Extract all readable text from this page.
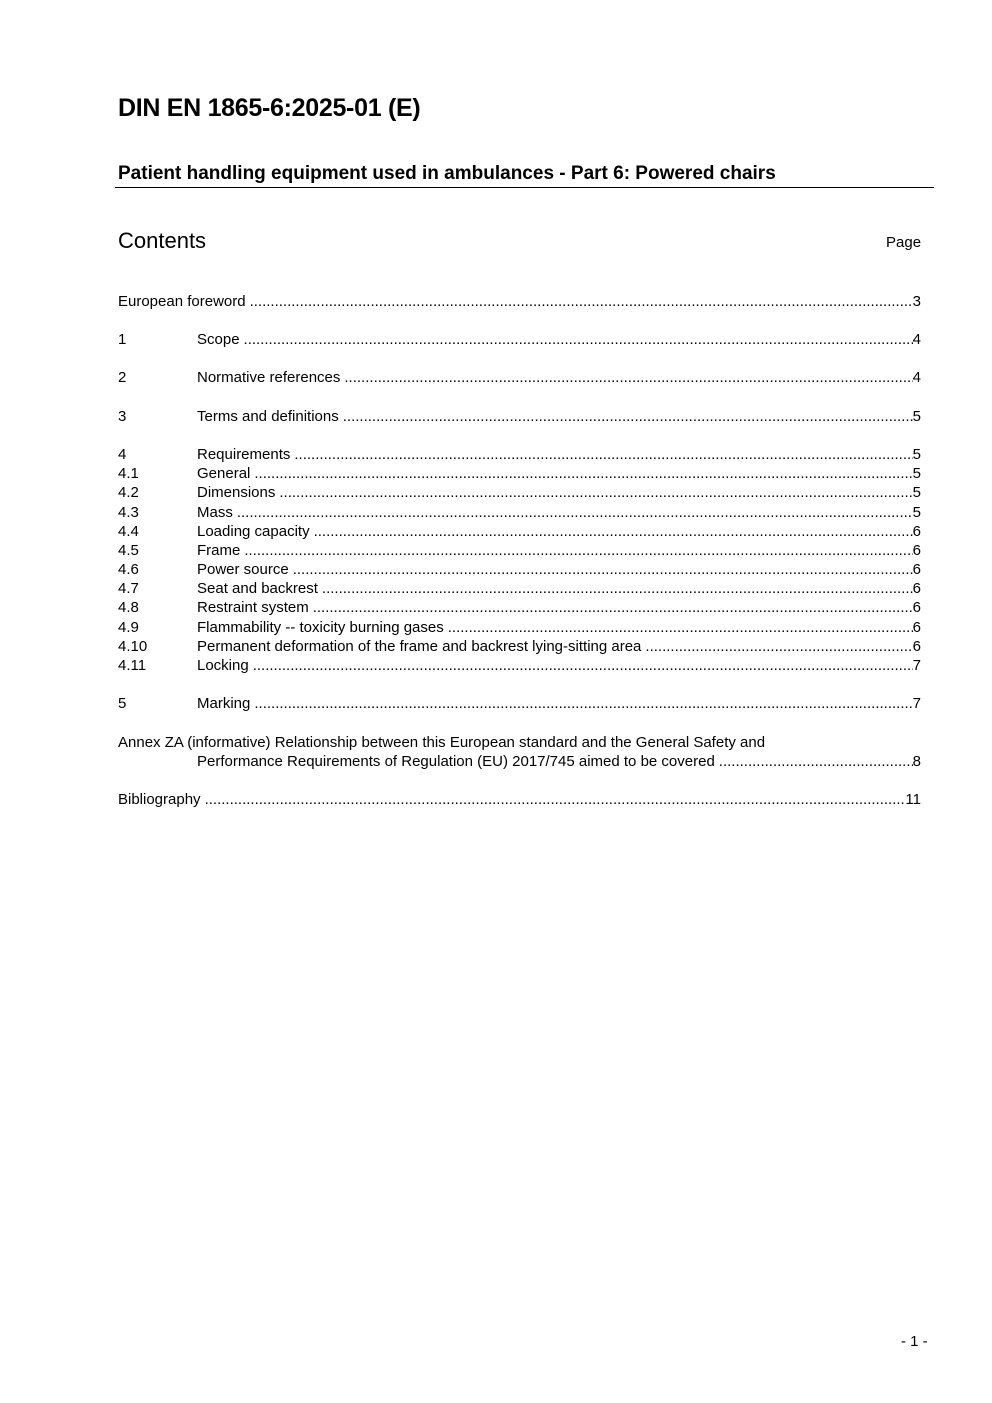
DIN EN 1865-6:2025-01 (E)
Patient handling equipment used in ambulances - Part 6: Powered chairs
Contents	Page
European foreword .....	3
1	Scope .....	4
2	Normative references .....	4
3	Terms and definitions .....	5
4	Requirements .....	5
4.1	General .....	5
4.2	Dimensions .....	5
4.3	Mass .....	5
4.4	Loading capacity .....	6
4.5	Frame .....	6
4.6	Power source .....	6
4.7	Seat and backrest .....	6
4.8	Restraint system .....	6
4.9	Flammability -- toxicity burning gases .....	6
4.10	Permanent deformation of the frame and backrest lying-sitting area .....	6
4.11	Locking .....	7
5	Marking .....	7
Annex ZA (informative) Relationship between this European standard and the General Safety and
Performance Requirements of Regulation (EU) 2017/745 aimed to be covered .....	8
Bibliography .....	11
- 1 -
